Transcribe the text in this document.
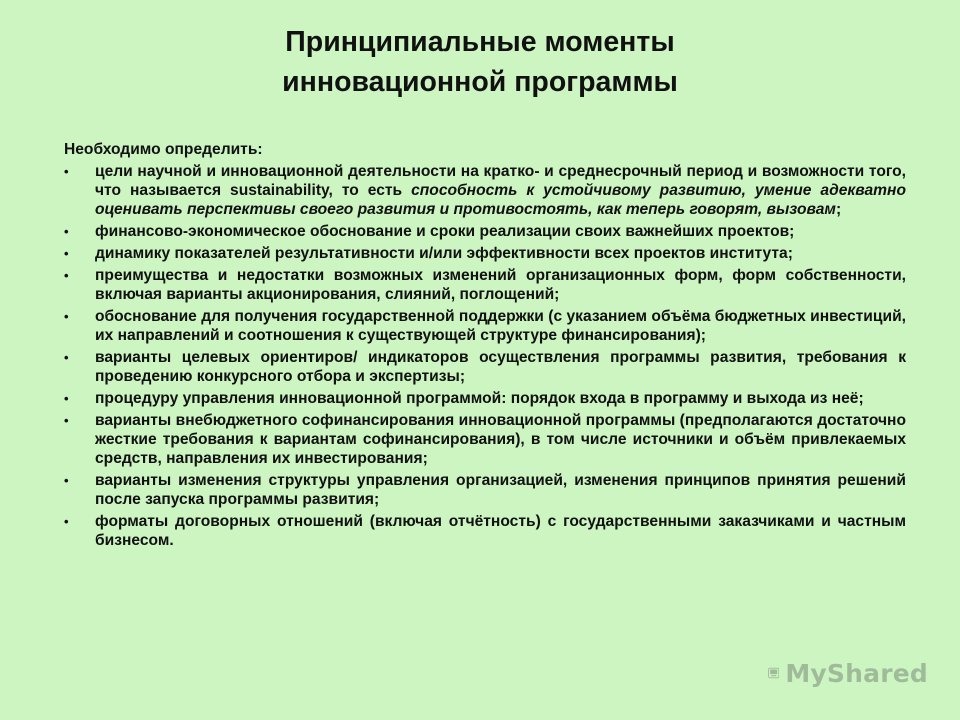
Принципиальные моменты
инновационной программы
Необходимо определить:
• цели научной и инновационной деятельности на кратко- и среднесрочный период и возможности того, что называется sustainability, то есть способность к устойчивому развитию, умение адекватно оценивать перспективы своего развития и противостоять, как теперь говорят, вызовам;
• финансово-экономическое обоснование и сроки реализации своих важнейших проектов;
• динамику показателей результативности и/или эффективности всех проектов института;
• преимущества и недостатки возможных изменений организационных форм, форм собственности, включая варианты акционирования, слияний, поглощений;
• обоснование для получения государственной поддержки (с указанием объёма бюджетных инвестиций, их направлений и соотношения к существующей структуре финансирования);
• варианты целевых ориентиров/ индикаторов осуществления программы развития, требования к проведению конкурсного отбора и экспертизы;
• процедуру управления инновационной программой: порядок входа в программу и выхода из неё;
• варианты внебюджетного софинансирования инновационной программы (предполагаются достаточно жесткие требования к вариантам софинансирования), в том числе источники и объём привлекаемых средств, направления их инвестирования;
• варианты изменения структуры управления организацией, изменения принципов принятия решений после запуска программы развития;
• форматы договорных отношений (включая отчётность) с государственными заказчиками и частным бизнесом.
MyShared
